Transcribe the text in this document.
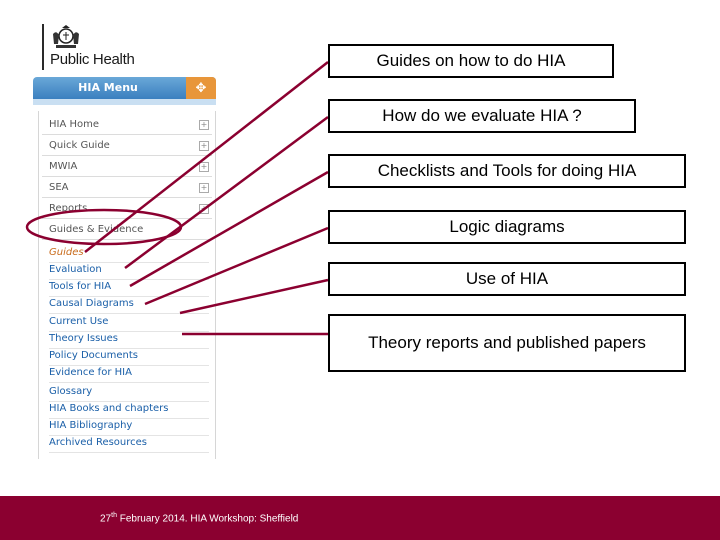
Public Health
HIA Menu	✥
HIA Home	+
Quick Guide	+
MWIA	+
SEA	+
Reports	+
Guides & Evidence
Guides
Evaluation
Tools for HIA
Causal Diagrams
Current Use
Theory Issues
Policy Documents
Evidence for HIA
Glossary
HIA Books and chapters
HIA Bibliography
Archived Resources
Guides on how to do HIA
How do we evaluate HIA ?
Checklists and Tools for doing HIA
Logic diagrams
Use of HIA
Theory reports and published papers
27th February 2014. HIA Workshop: Sheffield
